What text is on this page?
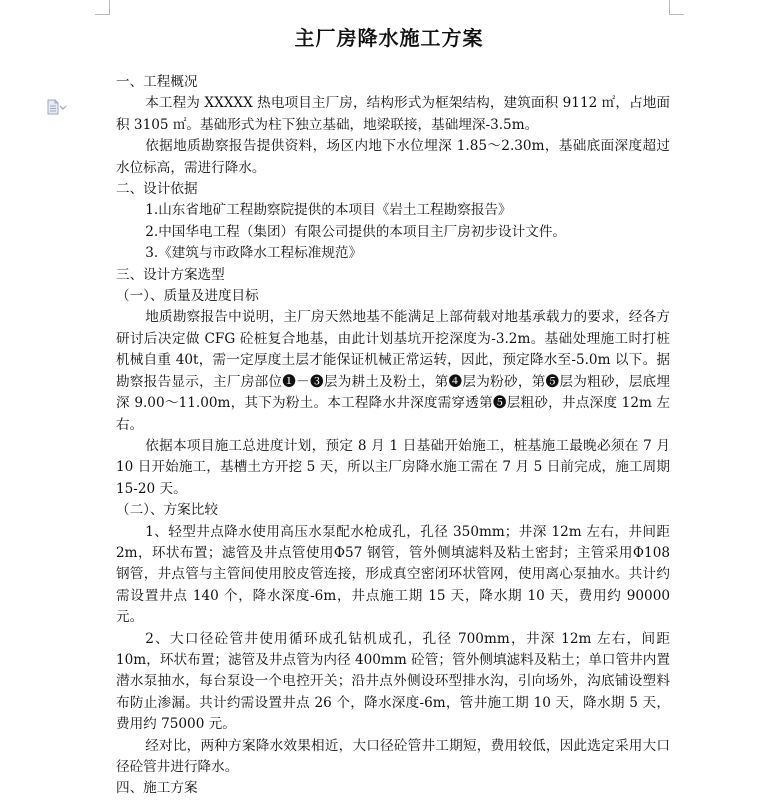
主厂房降水施工方案

一、工程概况

本工程为 XXXXX 热电项目主厂房，结构形式为框架结构，建筑面积 9112 ㎡，占地面积 3105 ㎡。基础形式为柱下独立基础，地梁联接，基础埋深-3.5m。

依据地质勘察报告提供资料，场区内地下水位埋深 1.85～2.30m，基础底面深度超过水位标高，需进行降水。

二、设计依据

1.山东省地矿工程勘察院提供的本项目《岩土工程勘察报告》

2.中国华电工程（集团）有限公司提供的本项目主厂房初步设计文件。

3.《建筑与市政降水工程标准规范》

三、设计方案选型

（一）、质量及进度目标

地质勘察报告中说明，主厂房天然地基不能满足上部荷载对地基承载力的要求，经各方研讨后决定做 CFG 砼桩复合地基，由此计划基坑开挖深度为-3.2m。基础处理施工时打桩机械自重 40t，需一定厚度土层才能保证机械正常运转，因此，预定降水至-5.0m 以下。据勘察报告显示，主厂房部位❶－❸层为耕土及粉土，第❹层为粉砂，第❺层为粗砂，层底埋深 9.00～11.00m，其下为粉土。本工程降水井深度需穿透第❺层粗砂，井点深度 12m 左右。

依据本项目施工总进度计划，预定 8 月 1 日基础开始施工，桩基施工最晚必须在 7 月 10 日开始施工，基槽土方开挖 5 天，所以主厂房降水施工需在 7 月 5 日前完成，施工周期 15-20 天。

（二）、方案比较

1、轻型井点降水使用高压水泵配水枪成孔，孔径 350mm；井深 12m 左右，井间距 2m，环状布置；滤管及井点管使用Φ57 钢管，管外侧填滤料及粘土密封；主管采用Φ108 钢管，井点管与主管间使用胶皮管连接，形成真空密闭环状管网，使用离心泵抽水。共计约需设置井点 140 个，降水深度-6m，井点施工期 15 天，降水期 10 天，费用约 90000 元。

2、大口径砼管井使用循环成孔钻机成孔，孔径 700mm，井深 12m 左右，间距 10m，环状布置；滤管及井点管为内径 400mm 砼管；管外侧填滤料及粘土；单口管井内置潜水泵抽水，每台泵设一个电控开关；沿井点外侧设环型排水沟，引向场外，沟底铺设塑料布防止渗漏。共计约需设置井点 26 个，降水深度-6m，管井施工期 10 天，降水期 5 天，费用约 75000 元。

经对比，两种方案降水效果相近，大口径砼管井工期短，费用较低，因此选定采用大口径砼管井进行降水。

四、施工方案
